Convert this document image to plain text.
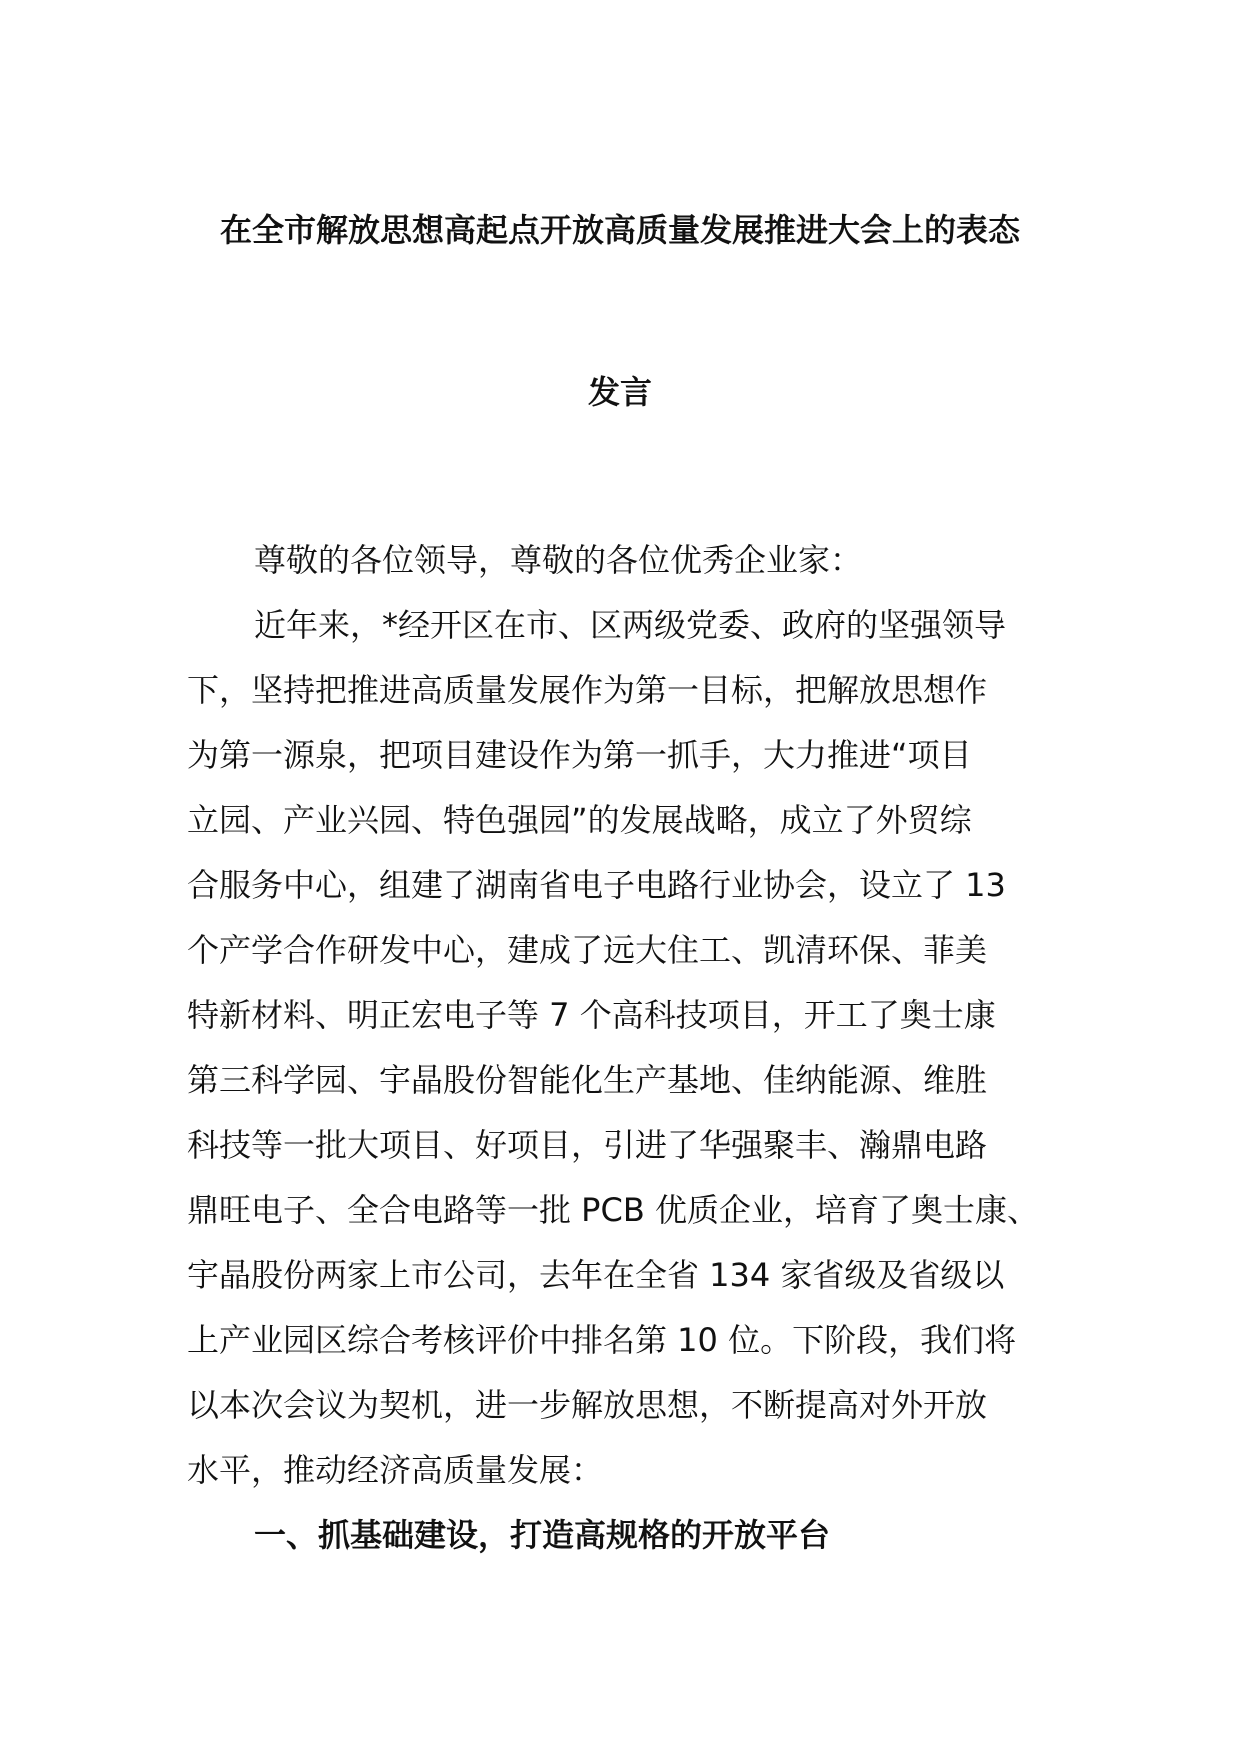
在全市解放思想高起点开放高质量发展推进大会上的表态
发言
尊敬的各位领导，尊敬的各位优秀企业家：
近年来，*经开区在市、区两级党委、政府的坚强领导
下，坚持把推进高质量发展作为第一目标，把解放思想作
为第一源泉，把项目建设作为第一抓手，大力推进“项目
立园、产业兴园、特色强园”的发展战略，成立了外贸综
合服务中心，组建了湖南省电子电路行业协会，设立了 13
个产学合作研发中心，建成了远大住工、凯清环保、菲美
特新材料、明正宏电子等 7 个高科技项目，开工了奥士康
第三科学园、宇晶股份智能化生产基地、佳纳能源、维胜
科技等一批大项目、好项目，引进了华强聚丰、瀚鼎电路
鼎旺电子、全合电路等一批 PCB 优质企业，培育了奥士康、
宇晶股份两家上市公司，去年在全省 134 家省级及省级以
上产业园区综合考核评价中排名第 10 位。下阶段，我们将
以本次会议为契机，进一步解放思想，不断提高对外开放
水平，推动经济高质量发展：
一、抓基础建设，打造高规格的开放平台
